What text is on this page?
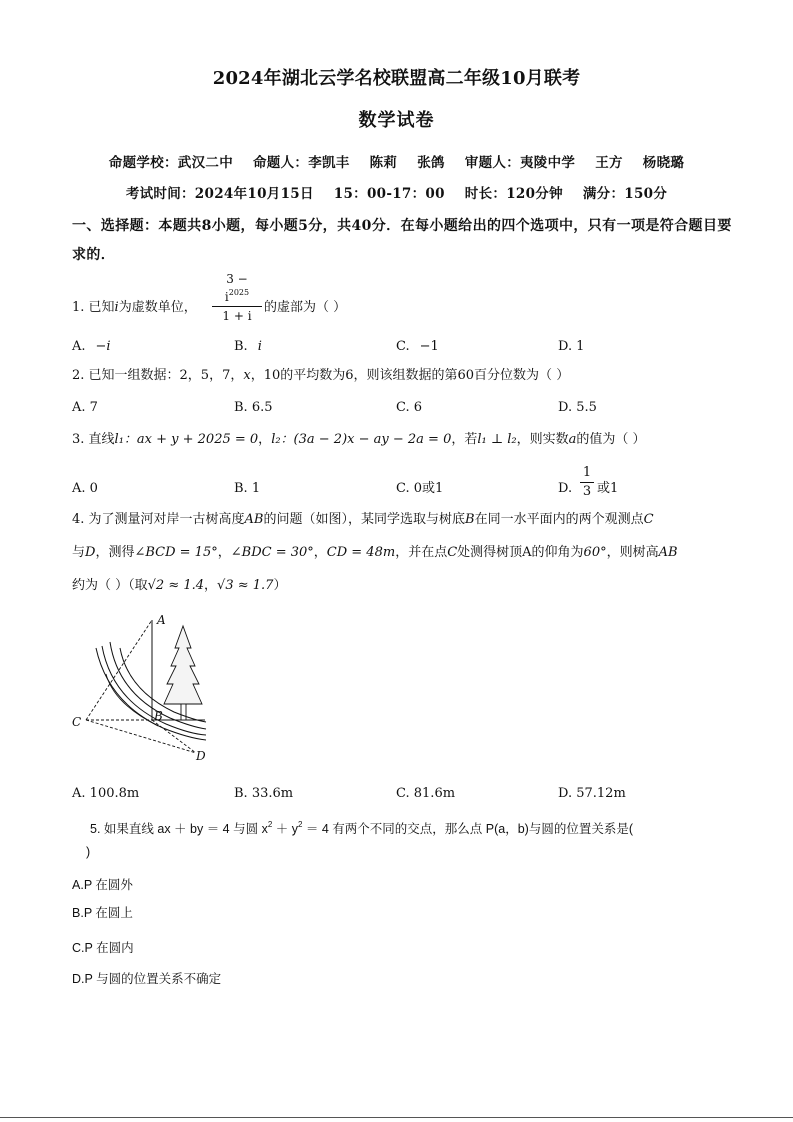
2024年湖北云学名校联盟高二年级10月联考
数学试卷
命题学校：武汉二中    命题人：李凯丰    陈莉    张鸽    审题人：夷陵中学    王方    杨晓璐
考试时间：2024年10月15日    15：00-17：00    时长：120分钟    满分：150分
一、选择题：本题共8小题，每小题5分，共40分．在每小题给出的四个选项中，只有一项是符合题目要求的．
1. 已知i为虚数单位， $\frac{3 - i^{2025}}{1 + i}$ 的虚部为（ ）
A. −i	B. i	C. −1	D. 1
2. 已知一组数据：2，5，7，x，10的平均数为6，则该组数据的第60百分位数为（ ）
A. 7	B. 6.5	C. 6	D. 5.5
3. 直线l₁：ax + y + 2025 = 0，l₂：(3a − 2)x − ay − 2a = 0，若l₁ ⊥ l₂，则实数a的值为（ ）
A. 0	B. 1	C. 0或1	D. $\frac{1}{3}$ 或1
4. 为了测量河对岸一古树高度AB的问题（如图），某同学选取与树底B在同一水平面内的两个观测点C
与D，测得∠BCD = 15°，∠BDC = 30°，CD = 48m，并在点C处测得树顶A的仰角为60°，则树高AB
约为（ ）（取√2 ≈ 1.4，√3 ≈ 1.7）
A
B
C
D
A. 100.8m	B. 33.6m	C. 81.6m	D. 57.12m
5. 如果直线 ax ＋ by ＝ 4 与圆 $x^2 + y^2 = 4$ 有两个不同的交点，那么点 P(a，b)与圆的位置关系是(
)
A.P 在圆外
B.P 在圆上
C.P 在圆内
D.P 与圆的位置关系不确定
